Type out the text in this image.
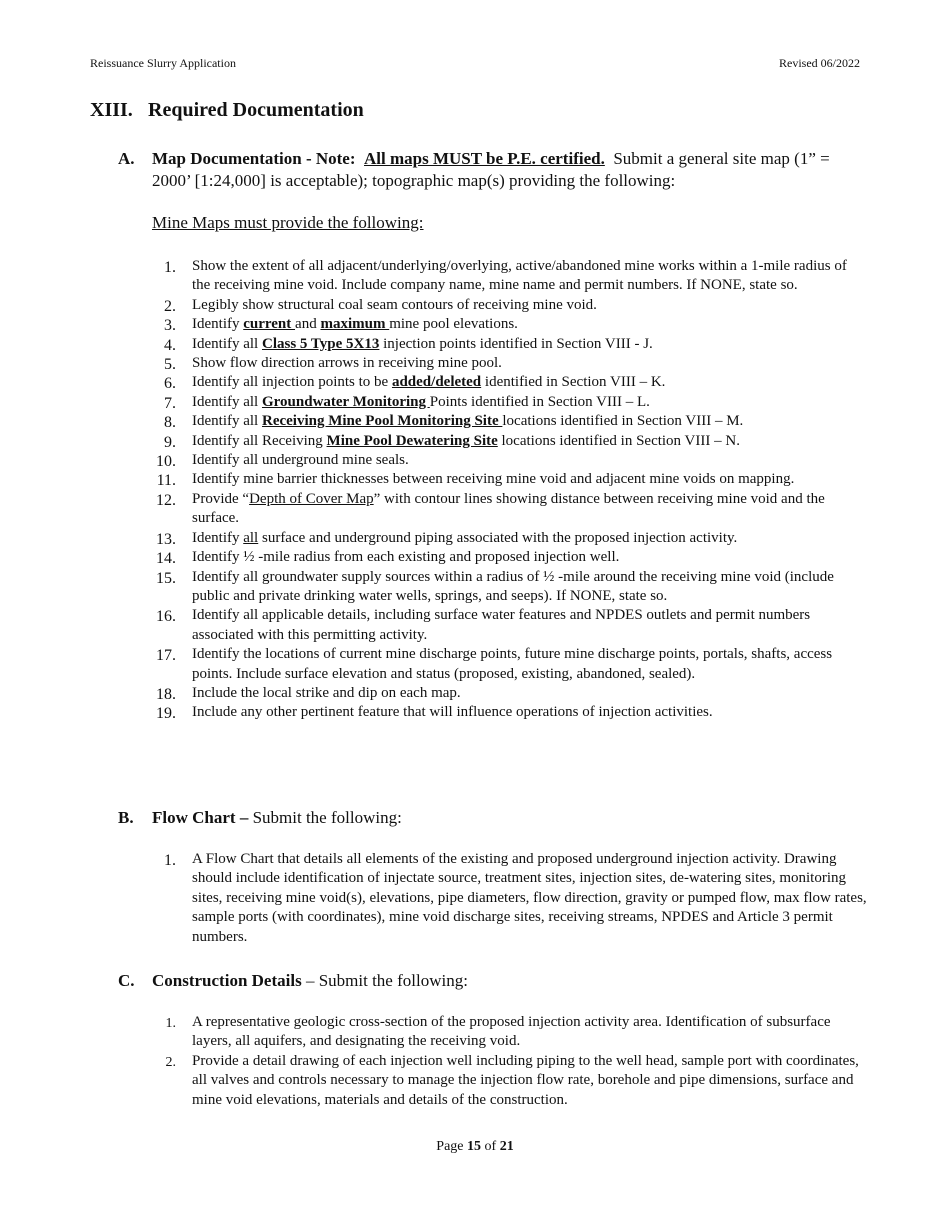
Reissuance Slurry Application	Revised 06/2022
XIII. Required Documentation
A. Map Documentation - Note: All maps MUST be P.E. certified. Submit a general site map (1” = 2000’ [1:24,000] is acceptable); topographic map(s) providing the following:
Mine Maps must provide the following:
1. Show the extent of all adjacent/underlying/overlying, active/abandoned mine works within a 1-mile radius of the receiving mine void. Include company name, mine name and permit numbers. If NONE, state so.
2. Legibly show structural coal seam contours of receiving mine void.
3. Identify current and maximum mine pool elevations.
4. Identify all Class 5 Type 5X13 injection points identified in Section VIII - J.
5. Show flow direction arrows in receiving mine pool.
6. Identify all injection points to be added/deleted identified in Section VIII – K.
7. Identify all Groundwater Monitoring Points identified in Section VIII – L.
8. Identify all Receiving Mine Pool Monitoring Site locations identified in Section VIII – M.
9. Identify all Receiving Mine Pool Dewatering Site locations identified in Section VIII – N.
10. Identify all underground mine seals.
11. Identify mine barrier thicknesses between receiving mine void and adjacent mine voids on mapping.
12. Provide “Depth of Cover Map” with contour lines showing distance between receiving mine void and the surface.
13. Identify all surface and underground piping associated with the proposed injection activity.
14. Identify ½ -mile radius from each existing and proposed injection well.
15. Identify all groundwater supply sources within a radius of ½ -mile around the receiving mine void (include public and private drinking water wells, springs, and seeps). If NONE, state so.
16. Identify all applicable details, including surface water features and NPDES outlets and permit numbers associated with this permitting activity.
17. Identify the locations of current mine discharge points, future mine discharge points, portals, shafts, access points. Include surface elevation and status (proposed, existing, abandoned, sealed).
18. Include the local strike and dip on each map.
19. Include any other pertinent feature that will influence operations of injection activities.
B. Flow Chart – Submit the following:
1. A Flow Chart that details all elements of the existing and proposed underground injection activity. Drawing should include identification of injectate source, treatment sites, injection sites, de-watering sites, monitoring sites, receiving mine void(s), elevations, pipe diameters, flow direction, gravity or pumped flow, max flow rates, sample ports (with coordinates), mine void discharge sites, receiving streams, NPDES and Article 3 permit numbers.
C. Construction Details – Submit the following:
1. A representative geologic cross-section of the proposed injection activity area. Identification of subsurface layers, all aquifers, and designating the receiving void.
2. Provide a detail drawing of each injection well including piping to the well head, sample port with coordinates, all valves and controls necessary to manage the injection flow rate, borehole and pipe dimensions, surface and mine void elevations, materials and details of the construction.
Page 15 of 21
